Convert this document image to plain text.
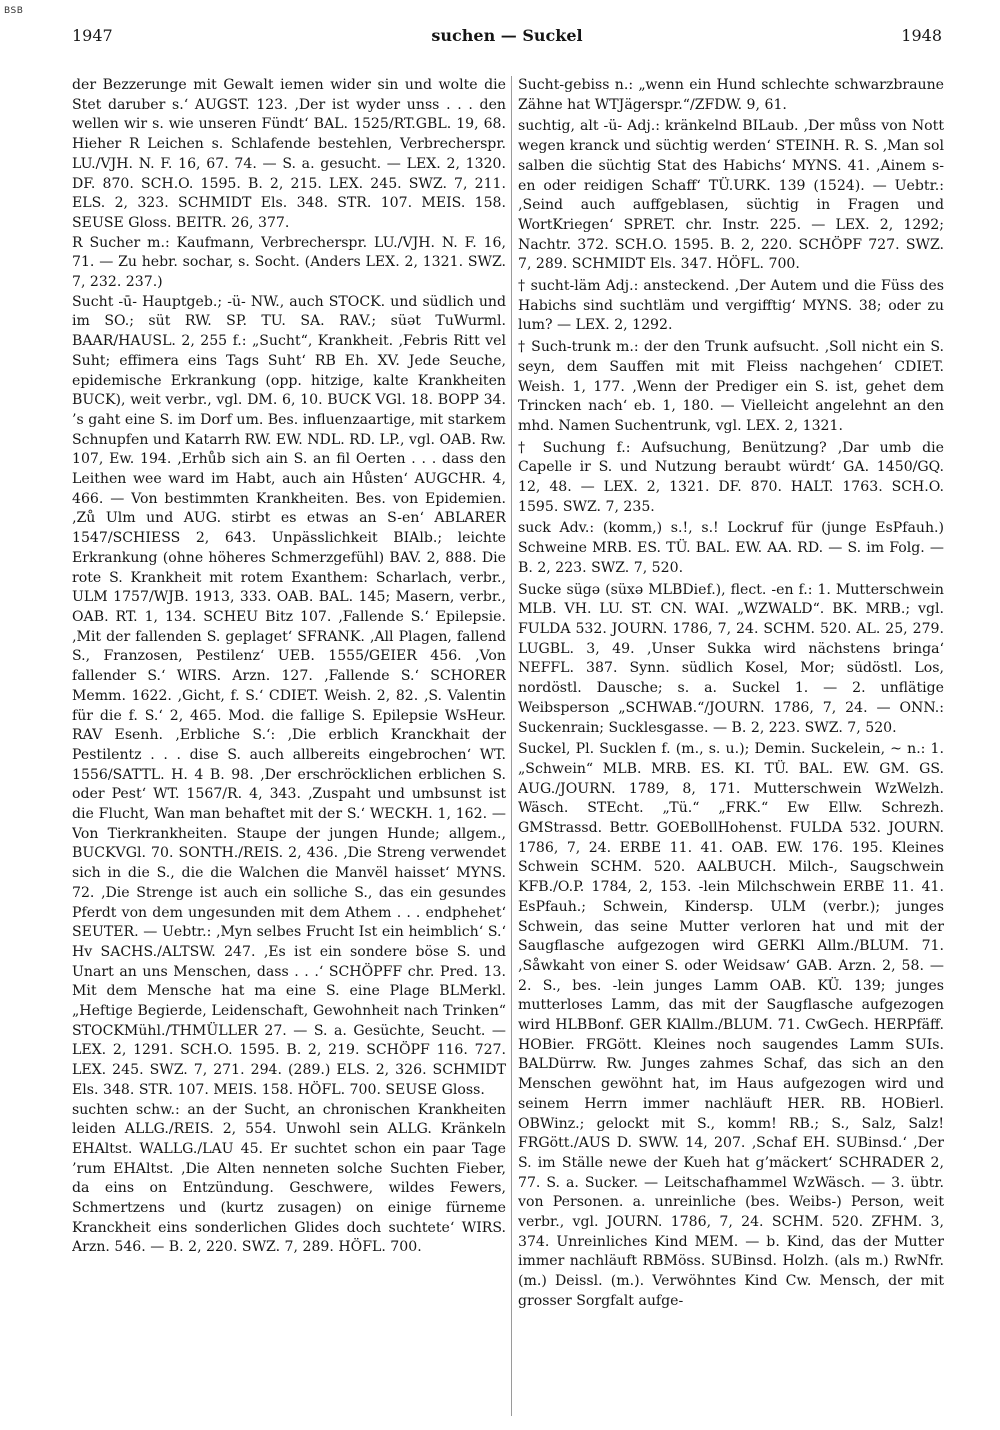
BSB
1947	suchen — Suckel	1948

der Bezzerunge mit Gewalt iemen wider sin und wolte die Stet daruber s.‘ AUGST. 123. ‚Der ist wyder unss . . . den wellen wir s. wie unseren Fündt‘ BAL. 1525/RT.GBL. 19, 68. Hieher R Leichen s. Schlafende bestehlen, Verbrecherspr. LU./VJH. N. F. 16, 67. 74. — S. a. gesucht. — LEX. 2, 1320. DF. 870. SCH.O. 1595. B. 2, 215. LEX. 245. SWZ. 7, 211. ELS. 2, 323. SCHMIDT Els. 348. STR. 107. MEIS. 158. SEUSE Gloss. BEITR. 26, 377.

R Sucher m.: Kaufmann, Verbrecherspr. LU./VJH. N. F. 16, 71. — Zu hebr. sochar, s. Socht. (Anders LEX. 2, 1321. SWZ. 7, 232. 237.)

Sucht -ū- Hauptgeb.; -ü- NW., auch STOCK. und südlich und im SO.; süt RW. SP. TU. SA. RAV.; süət TuWurml. BAAR/HAUSL. 2, 255 f.: „Sucht“, Krankheit. ‚Febris Ritt vel Suht; effimera eins Tags Suht‘ RB Eh. XV. Jede Seuche, epidemische Erkrankung (opp. hitzige, kalte Krankheiten BUCK), weit verbr., vgl. DM. 6, 10. BUCK VGl. 18. BOPP 34. ’s gaht eine S. im Dorf um. Bes. influenzaartige, mit starkem Schnupfen und Katarrh RW. EW. NDL. RD. LP., vgl. OAB. Rw. 107, Ew. 194. ‚Erhůb sich ain S. an fil Oerten . . . dass den Leithen wee ward im Habt, auch ain Hůsten‘ AUGCHR. 4, 466. — Von bestimmten Krankheiten. Bes. von Epidemien. ‚Zů Ulm und AUG. stirbt es etwas an S-en‘ ABLARER 1547/SCHIESS 2, 643. Unpässlichkeit BIAlb.; leichte Erkrankung (ohne höheres Schmerzgefühl) BAV. 2, 888. Die rote S. Krankheit mit rotem Exanthem: Scharlach, verbr., ULM 1757/WJB. 1913, 333. OAB. BAL. 145; Masern, verbr., OAB. RT. 1, 134. SCHEU Bitz 107. ‚Fallende S.‘ Epilepsie. ‚Mit der fallenden S. geplaget‘ SFRANK. ‚All Plagen, fallend S., Franzosen, Pestilenz‘ UEB. 1555/GEIER 456. ‚Von fallender S.‘ WIRS. Arzn. 127. ‚Fallende S.‘ SCHORER Memm. 1622. ‚Gicht, f. S.‘ CDIET. Weish. 2, 82. ‚S. Valentin für die f. S.‘ 2, 465. Mod. die fallige S. Epilepsie WsHeur. RAV Esenh. ‚Erbliche S.‘: ‚Die erblich Kranckhait der Pestilentz . . . dise S. auch allbereits eingebrochen‘ WT. 1556/SATTL. H. 4 B. 98. ‚Der erschröcklichen erblichen S. oder Pest‘ WT. 1567/R. 4, 343. ‚Zuspaht und umbsunst ist die Flucht, Wan man behaftet mit der S.‘ WECKH. 1, 162. — Von Tierkrankheiten. Staupe der jungen Hunde; allgem., BUCKVGl. 70. SONTH./REIS. 2, 436. ‚Die Streng verwendet sich in die S., die die Walchen die Manvël haisset‘ MYNS. 72. ‚Die Strenge ist auch ein solliche S., das ein gesundes Pferdt von dem ungesunden mit dem Athem . . . endphehet‘ SEUTER. — Uebtr.: ‚Myn selbes Frucht Ist ein heimblich‘ S.‘ Hv SACHS./ALTSW. 247. ‚Es ist ein sondere böse S. und Unart an uns Menschen, dass . . .‘ SCHÖPFF chr. Pred. 13. Mit dem Mensche hat ma eine S. eine Plage BLMerkl. „Heftige Begierde, Leidenschaft, Gewohnheit nach Trinken“ STOCKMühl./THMÜLLER 27. — S. a. Gesüchte, Seucht. — LEX. 2, 1291. SCH.O. 1595. B. 2, 219. SCHÖPF 116. 727. LEX. 245. SWZ. 7, 271. 294. (289.) ELS. 2, 326. SCHMIDT Els. 348. STR. 107. MEIS. 158. HÖFL. 700. SEUSE Gloss.

suchten schw.: an der Sucht, an chronischen Krankheiten leiden ALLG./REIS. 2, 554. Unwohl sein ALLG. Kränkeln EHAltst. WALLG./LAU 45. Er suchtet schon ein paar Tage ’rum EHAltst. ‚Die Alten nenneten solche Suchten Fieber, da eins on Entzündung. Geschwere, wildes Fewers, Schmertzens und (kurtz zusagen) on einige fürneme Kranckheit eins sonderlichen Glides doch suchtete‘ WIRS. Arzn. 546. — B. 2, 220. SWZ. 7, 289. HÖFL. 700.

Sucht-gebiss n.: „wenn ein Hund schlechte schwarzbraune Zähne hat WTJägerspr.“/ZFDW. 9, 61.

suchtig, alt -ü- Adj.: kränkelnd BILaub. ‚Der můss von Nott wegen kranck und süchtig werden‘ STEINH. R. S. ‚Man sol salben die süchtig Stat des Habichs‘ MYNS. 41. ‚Ainem s-en oder reidigen Schaff‘ TÜ.URK. 139 (1524). — Uebtr.: ‚Seind auch auffgeblasen, süchtig in Fragen und WortKriegen‘ SPRET. chr. Instr. 225. — LEX. 2, 1292; Nachtr. 372. SCH.O. 1595. B. 2, 220. SCHÖPF 727. SWZ. 7, 289. SCHMIDT Els. 347. HÖFL. 700.

† sucht-läm Adj.: ansteckend. ‚Der Autem und die Füss des Habichs sind suchtläm und vergifftig‘ MYNS. 38; oder zu lum? — LEX. 2, 1292.

† Such-trunk m.: der den Trunk aufsucht. ‚Soll nicht ein S. seyn, dem Sauffen mit mit Fleiss nachgehen‘ CDIET. Weish. 1, 177. ‚Wenn der Prediger ein S. ist, gehet dem Trincken nach‘ eb. 1, 180. — Vielleicht angelehnt an den mhd. Namen Suchentrunk, vgl. LEX. 2, 1321.

† Suchung f.: Aufsuchung, Benützung? ‚Dar umb die Capelle ir S. und Nutzung beraubt würdt‘ GA. 1450/GQ. 12, 48. — LEX. 2, 1321. DF. 870. HALT. 1763. SCH.O. 1595. SWZ. 7, 235.

suck Adv.: (komm,) s.!, s.! Lockruf für (junge EsPfauh.) Schweine MRB. ES. TÜ. BAL. EW. AA. RD. — S. im Folg. — B. 2, 223. SWZ. 7, 520.

Sucke sügə (süxə MLBDief.), flect. -en f.: 1. Mutterschwein MLB. VH. LU. ST. CN. WAI. „WZWALD“. BK. MRB.; vgl. FULDA 532. JOURN. 1786, 7, 24. SCHM. 520. AL. 25, 279. LUGBL. 3, 49. ‚Unser Sukka wird nächstens bringa‘ NEFFL. 387. Synn. südlich Kosel, Mor; südöstl. Los, nordöstl. Dausche; s. a. Suckel 1. — 2. unflätige Weibsperson „SCHWAB.“/JOURN. 1786, 7, 24. — ONN.: Suckenrain; Sucklesgasse. — B. 2, 223. SWZ. 7, 520.

Suckel, Pl. Sucklen f. (m., s. u.); Demin. Suckelein, ~ n.: 1. „Schwein“ MLB. MRB. ES. KI. TÜ. BAL. EW. GM. GS. AUG./JOURN. 1789, 8, 171. Mutterschwein WzWelzh. Wäsch. STEcht. „Tü.“ „FRK.“ Ew Ellw. Schrezh. GMStrassd. Bettr. GOEBollHohenst. FULDA 532. JOURN. 1786, 7, 24. ERBE 11. 41. OAB. EW. 176. 195. Kleines Schwein SCHM. 520. AALBUCH. Milch-, Saugschwein KFB./O.P. 1784, 2, 153. -lein Milchschwein ERBE 11. 41. EsPfauh.; Schwein, Kindersp. ULM (verbr.); junges Schwein, das seine Mutter verloren hat und mit der Saugflasche aufgezogen wird GERKl Allm./BLUM. 71. ‚Såwkaht von einer S. oder Weidsaw‘ GAB. Arzn. 2, 58. — 2. S., bes. -lein junges Lamm OAB. KÜ. 139; junges mutterloses Lamm, das mit der Saugflasche aufgezogen wird HLBBonf. GER KlAllm./BLUM. 71. CwGech. HERPfäff. HOBier. FRGött. Kleines noch saugendes Lamm SUIs. BALDürrw. Rw. Junges zahmes Schaf, das sich an den Menschen gewöhnt hat, im Haus aufgezogen wird und seinem Herrn immer nachläuft HER. RB. HOBierl. OBWinz.; gelockt mit S., komm! RB.; S., Salz, Salz! FRGött./AUS D. SWW. 14, 207. ‚Schaf EH. SUBinsd.‘ ‚Der S. im Ställe newe der Kueh hat g’mäckert‘ SCHRADER 2, 77. S. a. Sucker. — Leitschafhammel WzWäsch. — 3. übtr. von Personen. a. unreinliche (bes. Weibs-) Person, weit verbr., vgl. JOURN. 1786, 7, 24. SCHM. 520. ZFHM. 3, 374. Unreinliches Kind MEM. — b. Kind, das der Mutter immer nachläuft RBMöss. SUBinsd. Holzh. (als m.) RwNfr. (m.) Deissl. (m.). Verwöhntes Kind Cw. Mensch, der mit grosser Sorgfalt aufge-
